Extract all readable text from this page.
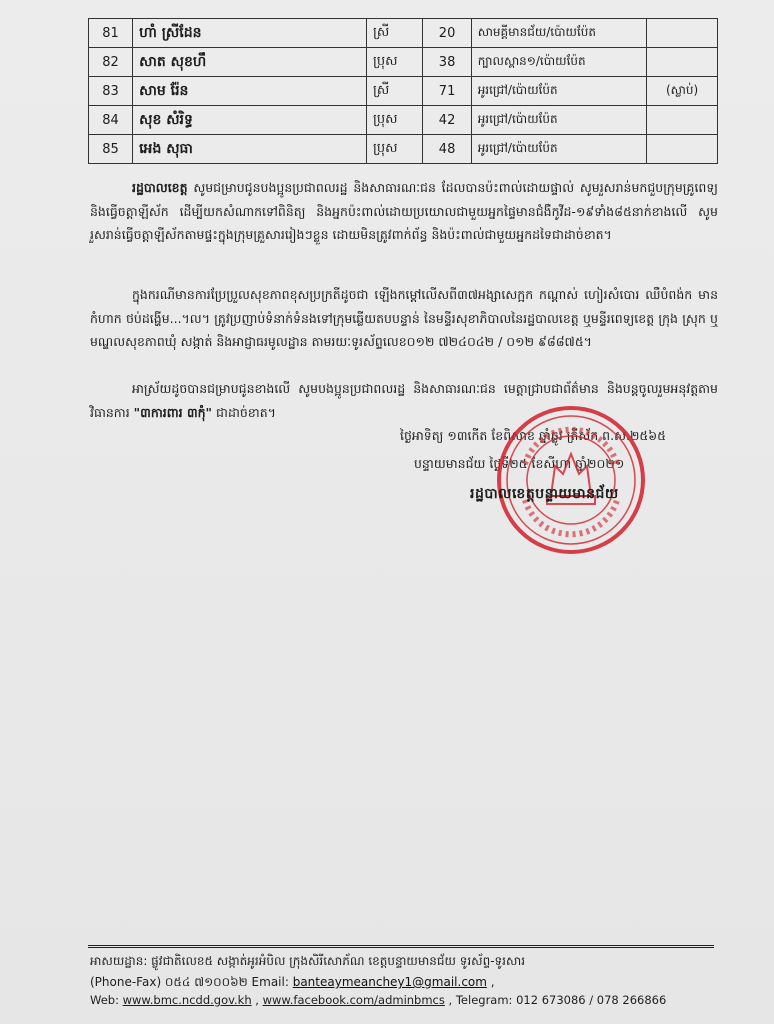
81	ហាំ ស្រីដែន	ស្រី	20	សាមគ្គីមានជ័យ/ប៉ោយប៉ែត	
82	សាត សុខហឹ	ប្រុស	38	ក្បាលស្ពាន១/ប៉ោយប៉ែត	
83	សាម រ៉ែន	ស្រី	71	អូរជ្រៅ/ប៉ោយប៉ែត	(ស្លាប់)
84	សុខ សំរិទ្ធ	ប្រុស	42	អូរជ្រៅ/ប៉ោយប៉ែត	
85	អេង សុធា	ប្រុស	48	អូរជ្រៅ/ប៉ោយប៉ែត	
រដ្ឋបាលខេត្ត សូមជម្រាបជូនបងប្អូនប្រជាពលរដ្ឋ និងសាធារណៈជន ដែលបានប៉ះពាល់ដោយផ្ទាល់ សូមរួសរាន់មកជួបក្រុមគ្រូពេទ្យ និងធ្វើចត្តាឡីស័ក ដើម្បីយកសំណាកទៅពិនិត្យ និងអ្នកប៉ះពាល់ដោយប្រយោលជាមួយអ្នកផ្ទៃមានជំងឺកូវីដ-១៩ទាំង៨៥នាក់ខាងលើ សូមរួសរាន់ធ្វើចត្តាឡីស័កតាមផ្ទះក្នុងក្រុមគ្រួសាររៀងៗខ្លួន ដោយមិនត្រូវពាក់ព័ន្ធ និងប៉ះពាល់ជាមួយអ្នកដទៃជាដាច់ខាត។
ក្នុងករណីមានការប្រែប្រួលសុខភាពខុសប្រក្រតីដូចជា ឡើងកម្តៅលើសពី៣៧អង្សាសេក្អក កណ្តាស់ ហៀរសំបោរ ឈឺបំពង់ក មានកំហាក ថប់ដង្ហើម...។ល។ ត្រូវប្រញាប់ទំនាក់ទំនងទៅក្រុមឆ្លើយតបបន្ទាន់ នៃមន្ទីរសុខាភិបាលនៃរដ្ឋបាលខេត្ត ឬមន្ទីរពេទ្យខេត្ត ក្រុង ស្រុក ឬមណ្ឌលសុខភាពឃុំ សង្កាត់ និងអាជ្ញាធរមូលដ្ឋាន តាមរយៈទូរស័ព្ទលេខ០១២ ៧២៤០៤២ / ០១២ ៩៨៨៧៥។
អាស្រ័យដូចបានជម្រាបជូនខាងលើ សូមបងប្អូនប្រជាពលរដ្ឋ និងសាធារណៈជន មេត្តាជ្រាបជាព័ត៌មាន និងបន្តចូលរួមអនុវត្តតាមវិធានការ "៣ការពារ ៣កុំ" ជាដាច់ខាត។
ថ្ងៃអាទិត្យ ១៣កេីត ខែពិសាខ ឆ្នាំឆ្លូវ ត្រីស័ក ព.ស.២៥៦៥
បន្ទាយមានជ័យ ថ្ងៃទី២៥ ខែសីហា ឆ្នាំ២០២១
រដ្ឋបាលខេត្តបន្ទាយមានជ័យ
អាសយដ្ឋាន: ផ្លូវជាតិលេខ៥ សង្កាត់អូរអំបិល ក្រុងសិរីសោភ័ណ ខេត្តបន្ទាយមានជ័យ ទូរស័ព្ទ-ទូរសារ
(Phone-Fax) ០៥៤ ៧១០០៦២ Email: banteaymeanchey1@gmail.com ,
Web: www.bmc.ncdd.gov.kh , www.facebook.com/adminbmcs , Telegram: 012 673086 / 078 266866
